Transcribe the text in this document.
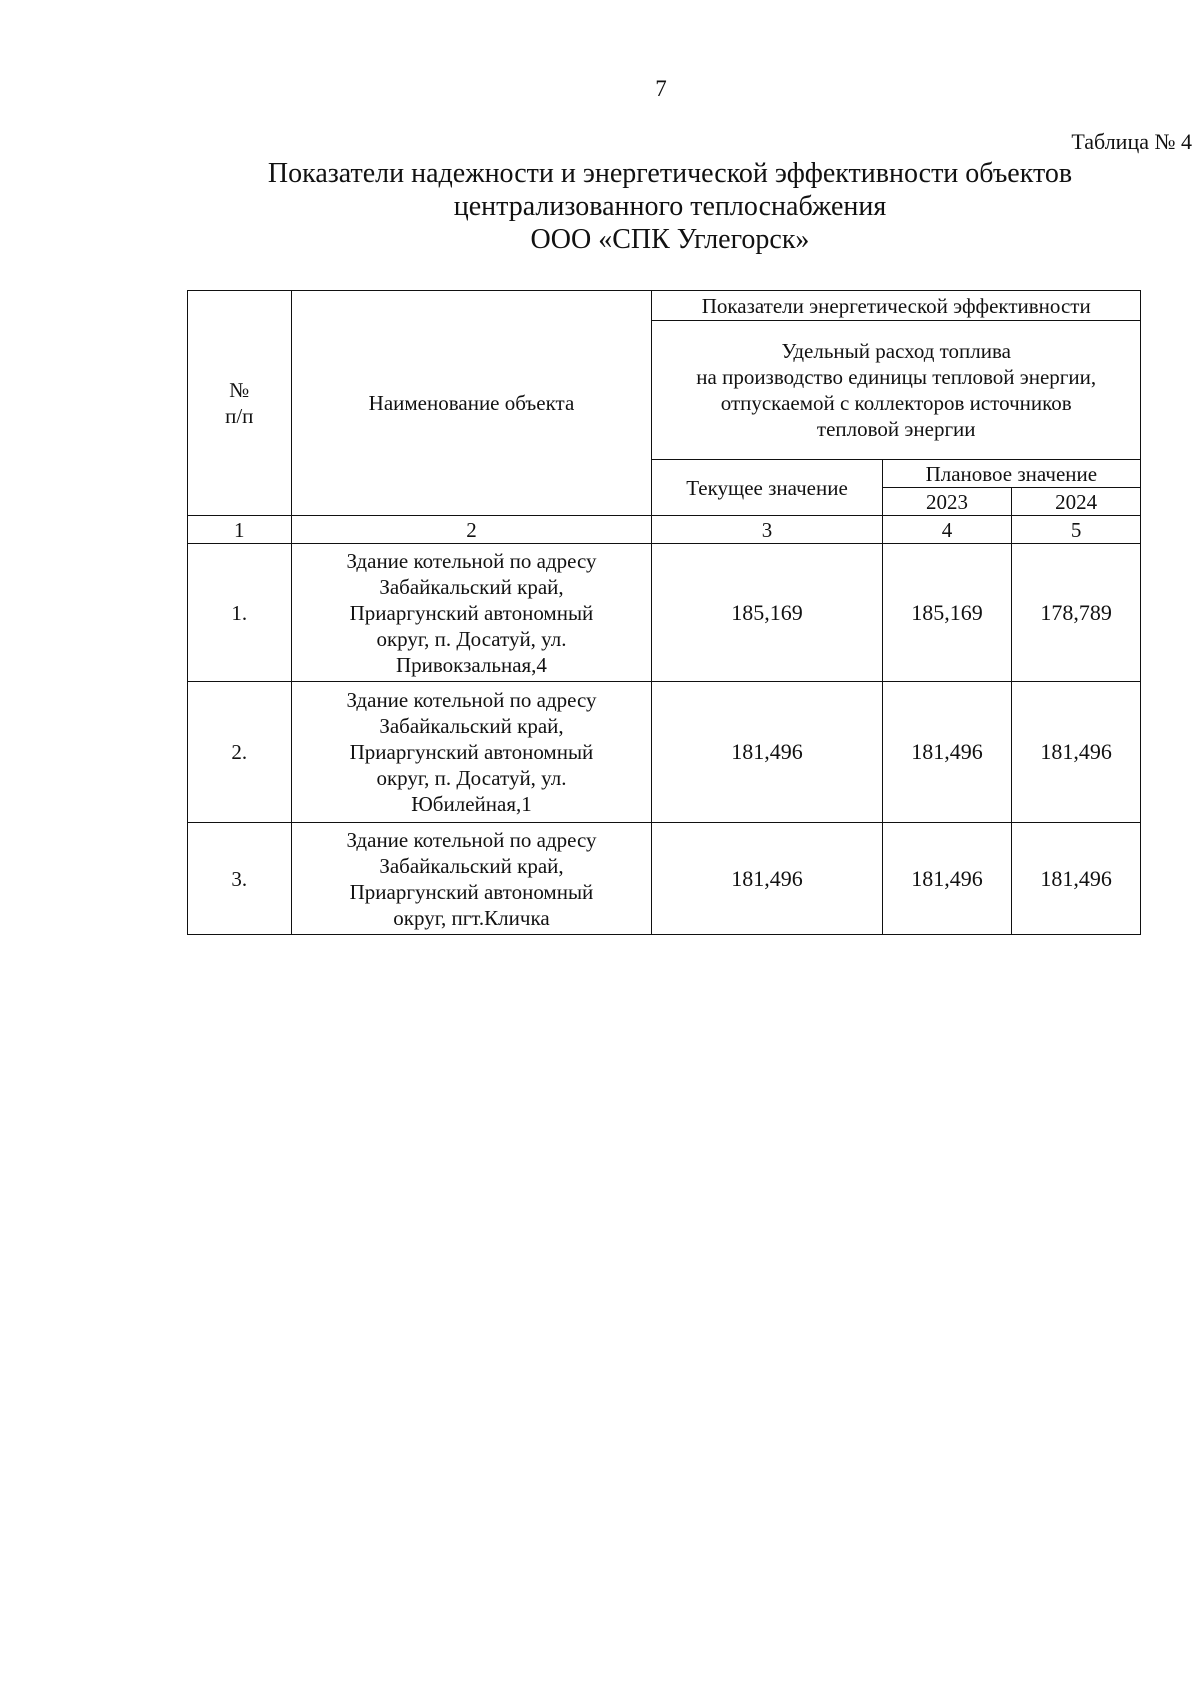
7
Таблица № 4
Показатели надежности и энергетической эффективности объектов
централизованного теплоснабжения
ООО «СПК Углегорск»
№
п/п	Наименование объекта	Показатели энергетической эффективности		
		Удельный расход топлива
на производство единицы тепловой энергии,
отпускаемой с коллекторов источников
тепловой энергии		
		Текущее значение	Плановое значение	
			2023	2024
1	2	3	4	5
1.	Здание котельной по адресу
Забайкальский край,
Приаргунский автономный
округ, п. Досатуй, ул.
Привокзальная,4	185,169	185,169	178,789
2.	Здание котельной по адресу
Забайкальский край,
Приаргунский автономный
округ, п. Досатуй, ул.
Юбилейная,1	181,496	181,496	181,496
3.	Здание котельной по адресу
Забайкальский край,
Приаргунский автономный
округ, пгт.Кличка	181,496	181,496	181,496
